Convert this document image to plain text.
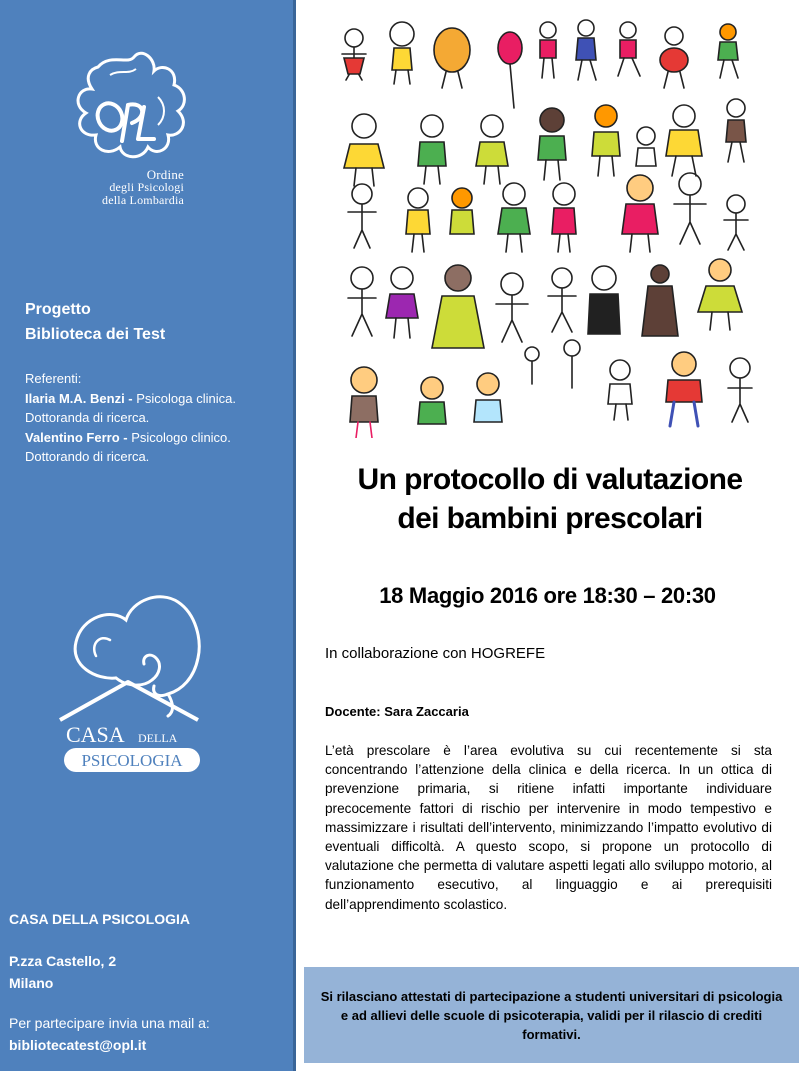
Ordine
degli Psicologi
della Lombardia
Progetto
Biblioteca dei Test
Referenti:
Ilaria M.A. Benzi - Psicologa clinica.
Dottoranda di ricerca.
Valentino Ferro - Psicologo clinico.
Dottorando di ricerca.
CASA DELLA
PSICOLOGIA
CASA DELLA PSICOLOGIA
P.zza Castello, 2
Milano
Per partecipare invia una mail a:
bibliotecatest@opl.it
Un protocollo di valutazione
dei bambini prescolari
18 Maggio 2016 ore 18:30 – 20:30
In collaborazione con HOGREFE
Docente: Sara Zaccaria
L’età prescolare è l’area evolutiva su cui recentemente si sta concentrando l’attenzione della clinica e della ricerca. In un ottica di prevenzione primaria, si ritiene infatti importante individuare precocemente fattori di rischio per intervenire in modo tempestivo e massimizzare i risultati dell’intervento, minimizzando l’impatto evolutivo di eventuali difficoltà. A questo scopo, si propone un protocollo di valutazione che permetta di valutare aspetti legati allo sviluppo motorio, al funzionamento esecutivo, al linguaggio e ai prerequisiti dell’apprendimento scolastico.
Si rilasciano attestati di partecipazione a studenti universitari di psicologia e ad allievi delle scuole di psicoterapia, validi per il rilascio di crediti formativi.
